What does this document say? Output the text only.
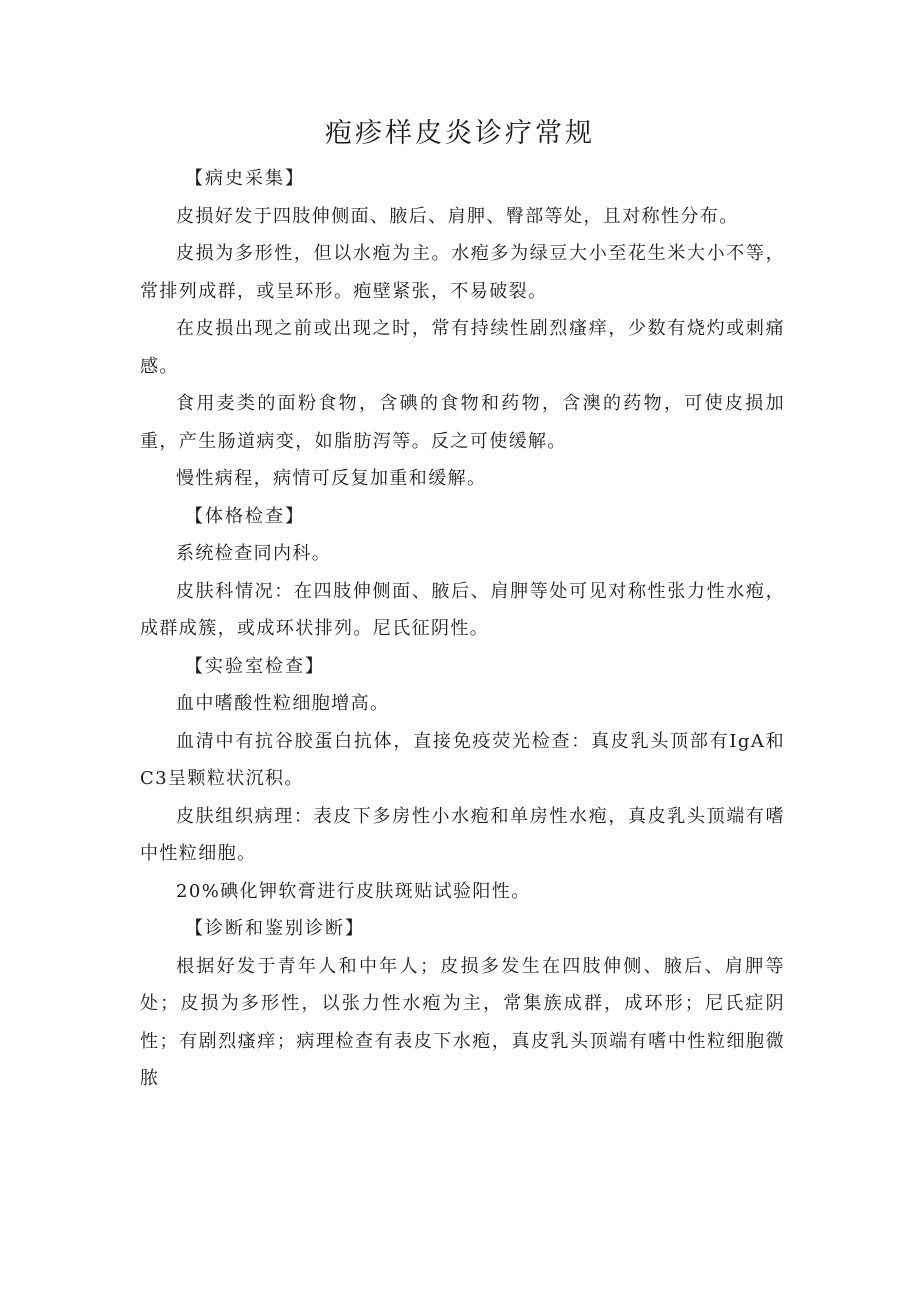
疱疹样皮炎诊疗常规
【病史采集】

皮损好发于四肢伸侧面、腋后、肩胛、臀部等处，且对称性分布。

皮损为多形性，但以水疱为主。水疱多为绿豆大小至花生米大小不等，常排列成群，或呈环形。疱壁紧张，不易破裂。

在皮损出现之前或出现之时，常有持续性剧烈瘙痒，少数有烧灼或刺痛感。

食用麦类的面粉食物，含碘的食物和药物，含澳的药物，可使皮损加重，产生肠道病变，如脂肪泻等。反之可使缓解。

慢性病程，病情可反复加重和缓解。

【体格检查】

系统检查同内科。

皮肤科情况：在四肢伸侧面、腋后、肩胛等处可见对称性张力性水疱，成群成簇，或成环状排列。尼氏征阴性。

【实验室检查】

血中嗜酸性粒细胞增高。

血清中有抗谷胶蛋白抗体，直接免疫荧光检查：真皮乳头顶部有IgA和C3呈颗粒状沉积。

皮肤组织病理：表皮下多房性小水疱和单房性水疱，真皮乳头顶端有嗜中性粒细胞。

20%碘化钾软膏进行皮肤斑贴试验阳性。

【诊断和鉴别诊断】

根据好发于青年人和中年人；皮损多发生在四肢伸侧、腋后、肩胛等处；皮损为多形性，以张力性水疱为主，常集族成群，成环形；尼氏症阴性；有剧烈瘙痒；病理检查有表皮下水疱，真皮乳头顶端有嗜中性粒细胞微脓
